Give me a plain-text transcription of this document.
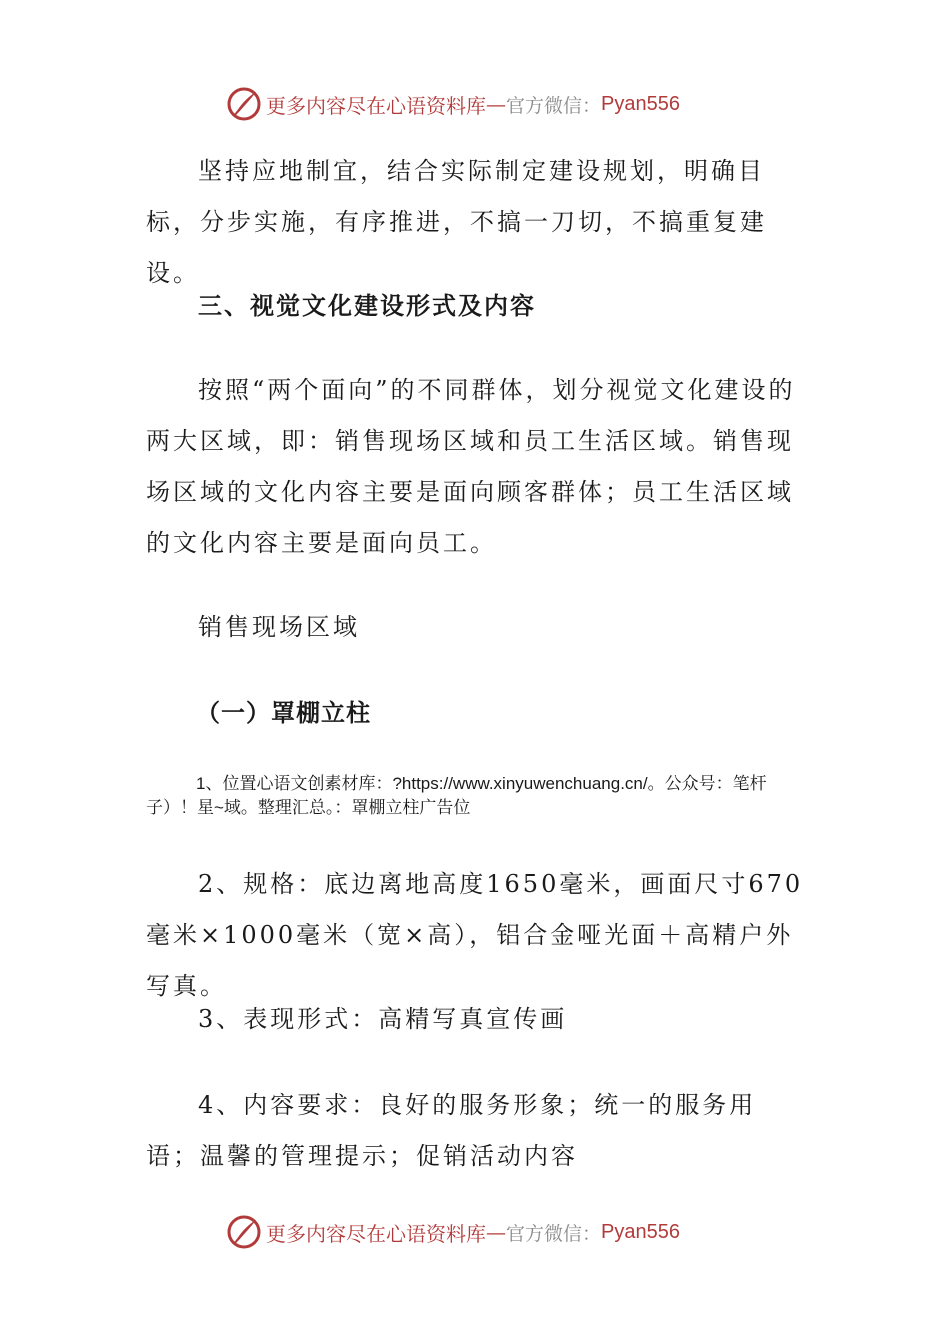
更多内容尽在心语资料库 — 官方微信： Pyan556

坚持应地制宜，结合实际制定建设规划，明确目标，分步实施，有序推进，不搞一刀切，不搞重复建设。

三、视觉文化建设形式及内容

按照“两个面向”的不同群体，划分视觉文化建设的两大区域，即：销售现场区域和员工生活区域。销售现场区域的文化内容主要是面向顾客群体；员工生活区域的文化内容主要是面向员工。

销售现场区域

（一）罩棚立柱

1、位置心语文创素材库：?https://www.xinyuwenchuang.cn/。公众号：笔杆子）！星~域。整理汇总。：罩棚立柱广告位

2、规格：底边离地高度1650毫米，画面尺寸670毫米×1000毫米（宽×高），铝合金哑光面＋高精户外写真。

3、表现形式：高精写真宣传画

4、内容要求：良好的服务形象；统一的服务用语；温馨的管理提示；促销活动内容

更多内容尽在心语资料库 — 官方微信： Pyan556
